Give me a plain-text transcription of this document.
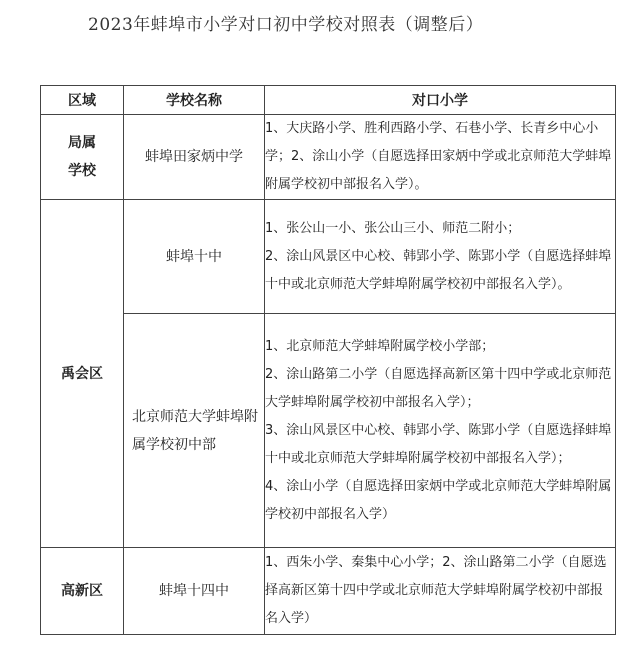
2023年蚌埠市小学对口初中学校对照表（调整后）
区域	学校名称	对口小学
局属学校	蚌埠田家炳中学	1、大庆路小学、胜利西路小学、石巷小学、长青乡中心小学；2、涂山小学（自愿选择田家炳中学或北京师范大学蚌埠附属学校初中部报名入学）。

禹会区	蚌埠十中	1、张公山一小、张公山三小、师范二附小；
2、涂山风景区中心校、韩郢小学、陈郢小学（自愿选择蚌埠十中或北京师范大学蚌埠附属学校初中部报名入学）。

	北京师范大学蚌埠附属学校初中部	1、北京师范大学蚌埠附属学校小学部；
2、涂山路第二小学（自愿选择高新区第十四中学或北京师范大学蚌埠附属学校初中部报名入学）；
3、涂山风景区中心校、韩郢小学、陈郢小学（自愿选择蚌埠十中或北京师范大学蚌埠附属学校初中部报名入学）；
4、涂山小学（自愿选择田家炳中学或北京师范大学蚌埠附属学校初中部报名入学）

高新区	蚌埠十四中	1、西朱小学、秦集中心小学；2、涂山路第二小学（自愿选择高新区第十四中学或北京师范大学蚌埠附属学校初中部报名入学）
